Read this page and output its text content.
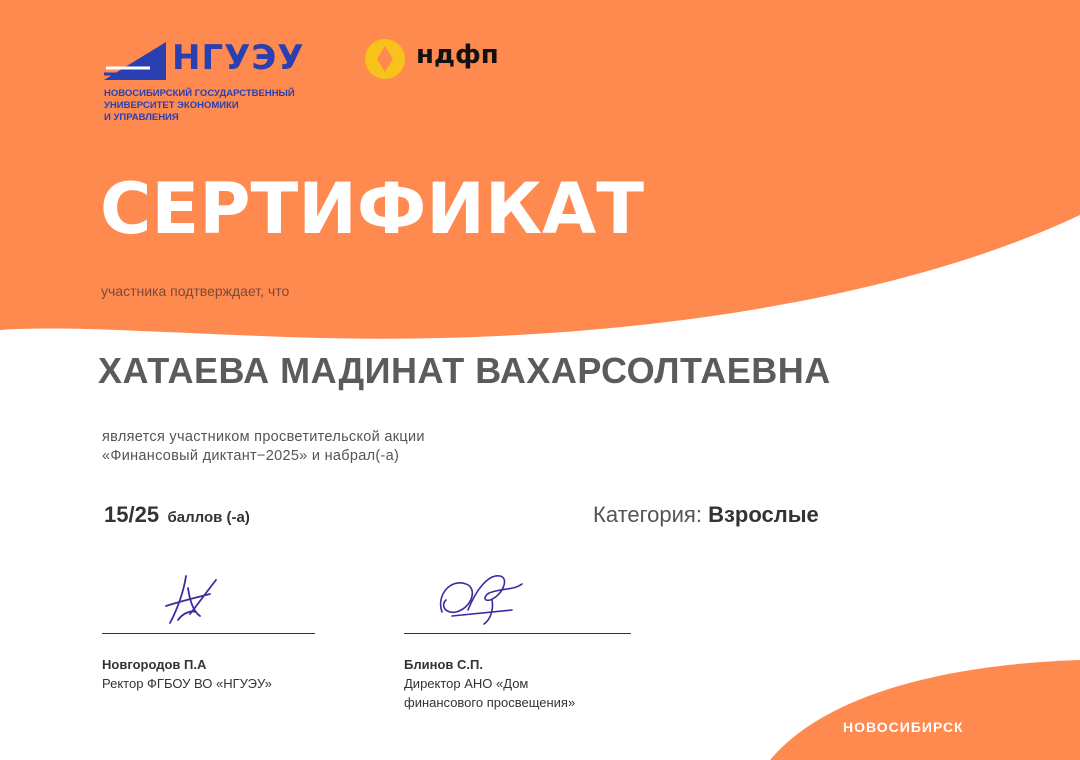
НГУЭУ
НОВОСИБИРСКИЙ ГОСУДАРСТВЕННЫЙ
УНИВЕРСИТЕТ ЭКОНОМИКИ
И УПРАВЛЕНИЯ
ндфп
СЕРТИФИКАТ
участника подтверждает, что
ХАТАЕВА МАДИНАТ ВАХАРСОЛТАЕВНА
является участником просветительской акции
«Финансовый диктант−2025» и набрал(-а)
15/25 баллов (-а)	Категория: Взрослые
Новгородов П.А
Ректор ФГБОУ ВО «НГУЭУ»
Блинов С.П.
Директор АНО «Дом
финансового просвещения»
НОВОСИБИРСК
